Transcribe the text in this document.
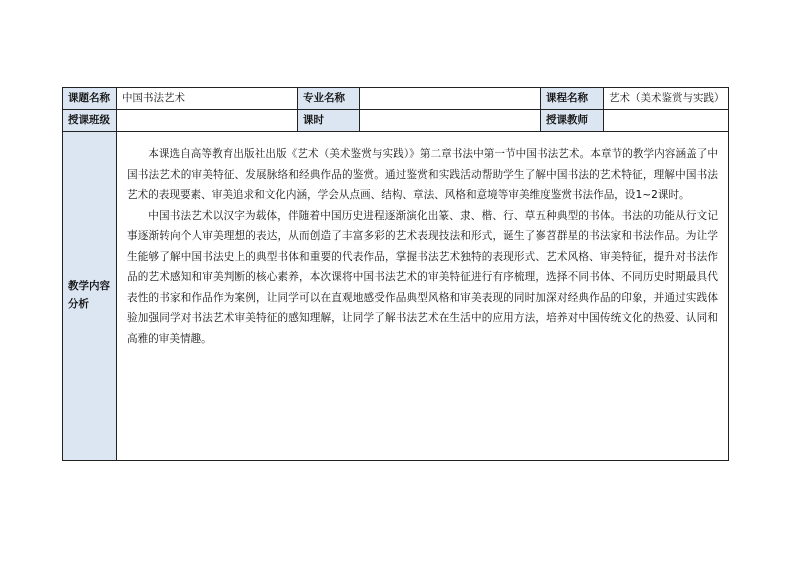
课题名称	中国书法艺术	专业名称		课程名称	艺术（美术鉴赏与实践）
授课班级		课时		授课教师	
教学内容分析	本课选自高等教育出版社出版《艺术（美术鉴赏与实践）》第二章书法中第一节中国书法艺术。本章节的教学内容涵盖了中国书法艺术的审美特征、发展脉络和经典作品的鉴赏。通过鉴赏和实践活动帮助学生了解中国书法的艺术特征，理解中国书法艺术的表现要素、审美追求和文化内涵，学会从点画、结构、章法、风格和意境等审美维度鉴赏书法作品，设1~2课时。

中国书法艺术以汉字为载体，伴随着中国历史进程逐渐演化出篆、隶、楷、行、草五种典型的书体。书法的功能从行文记事逐渐转向个人审美理想的表达，从而创造了丰富多彩的艺术表现技法和形式，诞生了嵾苕群星的书法家和书法作品。为让学生能够了解中国书法史上的典型书体和重要的代表作品，掌握书法艺术独特的表现形式、艺术风格、审美特征，提升对书法作品的艺术感知和审美判断的核心素养，本次课将中国书法艺术的审美特征进行有序梳理，选择不同书体、不同历史时期最具代表性的书家和作品作为案例，让同学可以在直观地感受作品典型风格和审美表现的同时加深对经典作品的印象，并通过实践体验加强同学对书法艺术审美特征的感知理解，让同学了解书法艺术在生活中的应用方法，培养对中国传统文化的热爱、认同和高雅的审美情趣。				
